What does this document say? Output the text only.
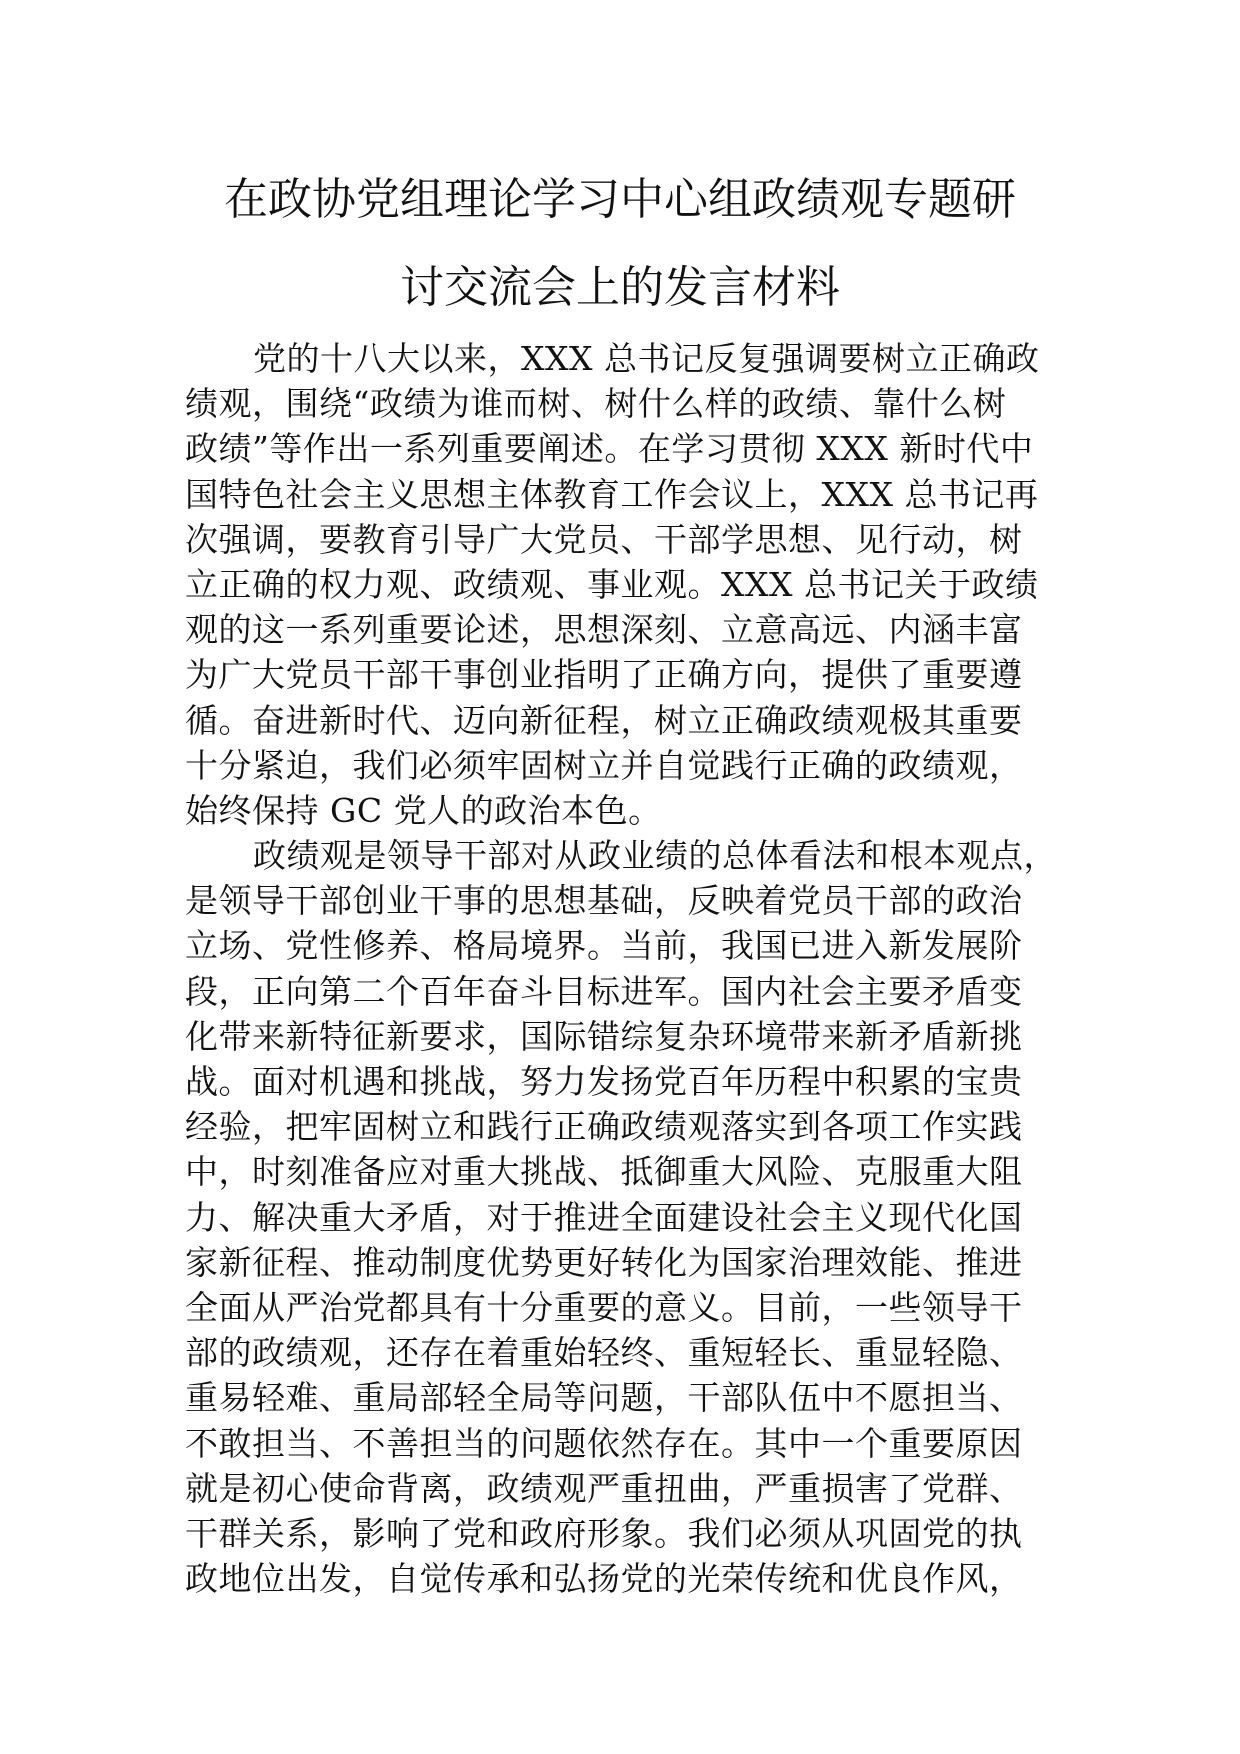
在政协党组理论学习中心组政绩观专题研
讨交流会上的发言材料
党的十八大以来，XXX 总书记反复强调要树立正确政
绩观，围绕“政绩为谁而树、树什么样的政绩、靠什么树
政绩”等作出一系列重要阐述。在学习贯彻 XXX 新时代中
国特色社会主义思想主体教育工作会议上，XXX 总书记再
次强调，要教育引导广大党员、干部学思想、见行动，树
立正确的权力观、政绩观、事业观。XXX 总书记关于政绩
观的这一系列重要论述，思想深刻、立意高远、内涵丰富
为广大党员干部干事创业指明了正确方向，提供了重要遵
循。奋进新时代、迈向新征程，树立正确政绩观极其重要
十分紧迫，我们必须牢固树立并自觉践行正确的政绩观，
始终保持 GC 党人的政治本色。
政绩观是领导干部对从政业绩的总体看法和根本观点，
是领导干部创业干事的思想基础，反映着党员干部的政治
立场、党性修养、格局境界。当前，我国已进入新发展阶
段，正向第二个百年奋斗目标进军。国内社会主要矛盾变
化带来新特征新要求，国际错综复杂环境带来新矛盾新挑
战。面对机遇和挑战，努力发扬党百年历程中积累的宝贵
经验，把牢固树立和践行正确政绩观落实到各项工作实践
中，时刻准备应对重大挑战、抵御重大风险、克服重大阻
力、解决重大矛盾，对于推进全面建设社会主义现代化国
家新征程、推动制度优势更好转化为国家治理效能、推进
全面从严治党都具有十分重要的意义。目前，一些领导干
部的政绩观，还存在着重始轻终、重短轻长、重显轻隐、
重易轻难、重局部轻全局等问题，干部队伍中不愿担当、
不敢担当、不善担当的问题依然存在。其中一个重要原因
就是初心使命背离，政绩观严重扭曲，严重损害了党群、
干群关系，影响了党和政府形象。我们必须从巩固党的执
政地位出发，自觉传承和弘扬党的光荣传统和优良作风，
